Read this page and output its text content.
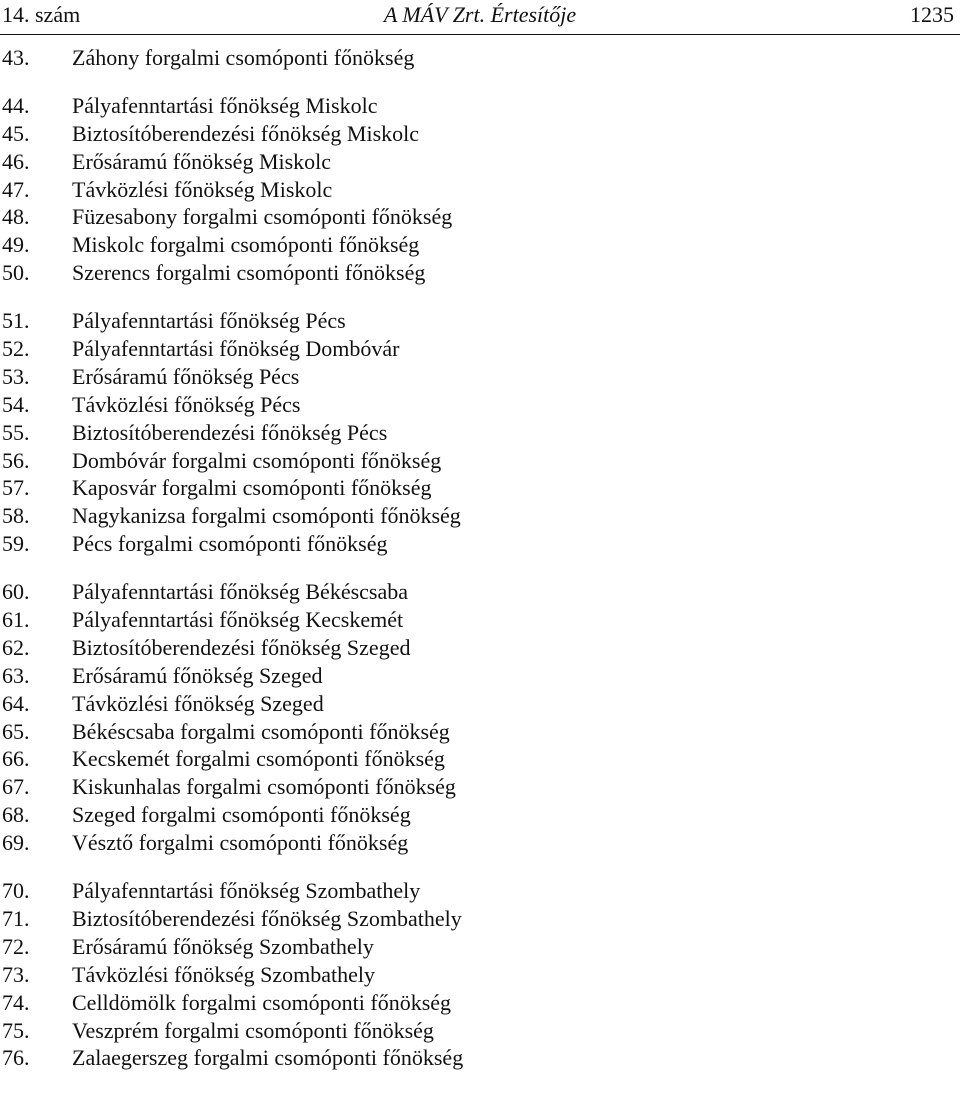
14. szám	A MÁV Zrt. Értesítője	1235
43.	Záhony forgalmi csomóponti főnökség
44.	Pályafenntartási főnökség Miskolc
45.	Biztosítóberendezési főnökség Miskolc
46.	Erősáramú főnökség Miskolc
47.	Távközlési főnökség Miskolc
48.	Füzesabony forgalmi csomóponti főnökség
49.	Miskolc forgalmi csomóponti főnökség
50.	Szerencs forgalmi csomóponti főnökség
51.	Pályafenntartási főnökség Pécs
52.	Pályafenntartási főnökség Dombóvár
53.	Erősáramú főnökség Pécs
54.	Távközlési főnökség Pécs
55.	Biztosítóberendezési főnökség Pécs
56.	Dombóvár forgalmi csomóponti főnökség
57.	Kaposvár forgalmi csomóponti főnökség
58.	Nagykanizsa forgalmi csomóponti főnökség
59.	Pécs forgalmi csomóponti főnökség
60.	Pályafenntartási főnökség Békéscsaba
61.	Pályafenntartási főnökség Kecskemét
62.	Biztosítóberendezési főnökség Szeged
63.	Erősáramú főnökség Szeged
64.	Távközlési főnökség Szeged
65.	Békéscsaba forgalmi csomóponti főnökség
66.	Kecskemét forgalmi csomóponti főnökség
67.	Kiskunhalas forgalmi csomóponti főnökség
68.	Szeged forgalmi csomóponti főnökség
69.	Vésztő forgalmi csomóponti főnökség
70.	Pályafenntartási főnökség Szombathely
71.	Biztosítóberendezési főnökség Szombathely
72.	Erősáramú főnökség Szombathely
73.	Távközlési főnökség Szombathely
74.	Celldömölk forgalmi csomóponti főnökség
75.	Veszprém forgalmi csomóponti főnökség
76.	Zalaegerszeg forgalmi csomóponti főnökség
